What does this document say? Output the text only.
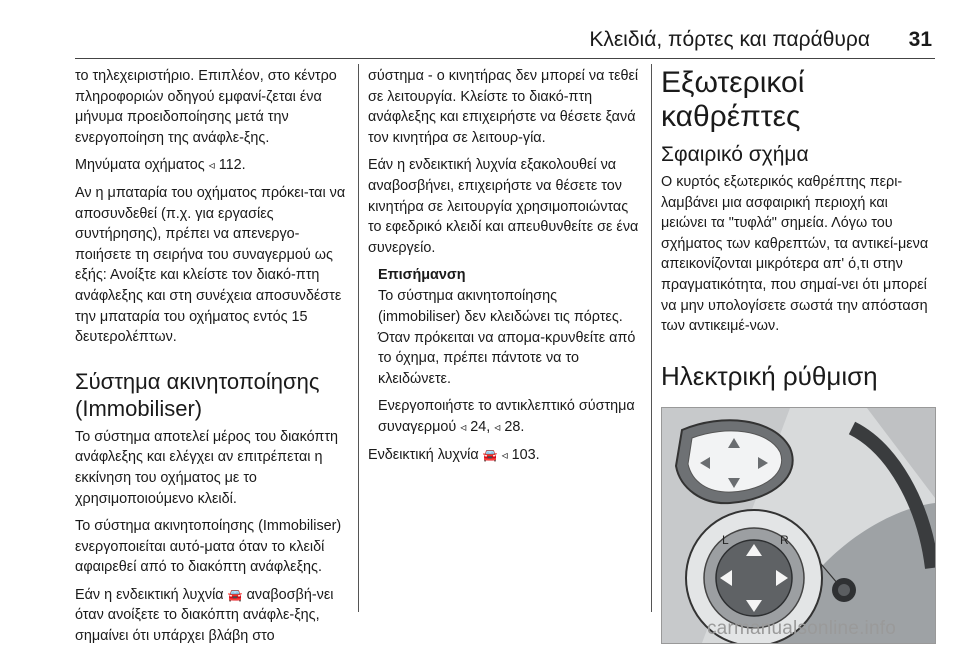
Κλειδιά, πόρτες και παράθυρα 31

το τηλεχειριστήριο. Επιπλέον, στο κέντρο πληροφοριών οδηγού εμφανί-ζεται ένα μήνυμα προειδοποίησης μετά την ενεργοποίηση της ανάφλε-ξης.

Μηνύματα οχήματος ◃ 112.

Αν η μπαταρία του οχήματος πρόκει-ται να αποσυνδεθεί (π.χ. για εργασίες συντήρησης), πρέπει να απενεργο-ποιήσετε τη σειρήνα του συναγερμού ως εξής: Ανοίξτε και κλείστε τον διακό-πτη ανάφλεξης και στη συνέχεια αποσυνδέστε την μπαταρία του οχήματος εντός 15 δευτερολέπτων.

Σύστημα ακινητοποίησης (Immobiliser)

Το σύστημα αποτελεί μέρος του διακόπτη ανάφλεξης και ελέγχει αν επιτρέπεται η εκκίνηση του οχήματος με το χρησιμοποιούμενο κλειδί.

Το σύστημα ακινητοποίησης (Immobiliser) ενεργοποιείται αυτό-ματα όταν το κλειδί αφαιρεθεί από το διακόπτη ανάφλεξης.

Εάν η ενδεικτική λυχνία 🚘 αναβοσβή-νει όταν ανοίξετε το διακόπτη ανάφλε-ξης, σημαίνει ότι υπάρχει βλάβη στο

σύστημα - ο κινητήρας δεν μπορεί να τεθεί σε λειτουργία. Κλείστε το διακό-πτη ανάφλεξης και επιχειρήστε να θέσετε ξανά τον κινητήρα σε λειτουρ-γία.

Εάν η ενδεικτική λυχνία εξακολουθεί να αναβοσβήνει, επιχειρήστε να θέσετε τον κινητήρα σε λειτουργία χρησιμοποιώντας το εφεδρικό κλειδί και απευθυνθείτε σε ένα συνεργείο.

Επισήμανση

Το σύστημα ακινητοποίησης (immobiliser) δεν κλειδώνει τις πόρτες. Όταν πρόκειται να απομα-κρυνθείτε από το όχημα, πρέπει πάντοτε να το κλειδώνετε.

Ενεργοποιήστε το αντικλεπτικό σύστημα συναγερμού ◃ 24, ◃ 28.

Ενδεικτική λυχνία 🚘 ◃ 103.

Εξωτερικοί καθρέπτες
Σφαιρικό σχήμα

Ο κυρτός εξωτερικός καθρέπτης περι-λαμβάνει μια ασφαιρική περιοχή και μειώνει τα "τυφλά" σημεία. Λόγω του σχήματος των καθρεπτών, τα αντικεί-μενα απεικονίζονται μικρότερα απ' ό,τι στην πραγματικότητα, που σημαί-νει ότι μπορεί να μην υπολογίσετε σωστά την απόσταση των αντικειμέ-νων.

Ηλεκτρική ρύθμιση
L	R
carmanualsonline.info
